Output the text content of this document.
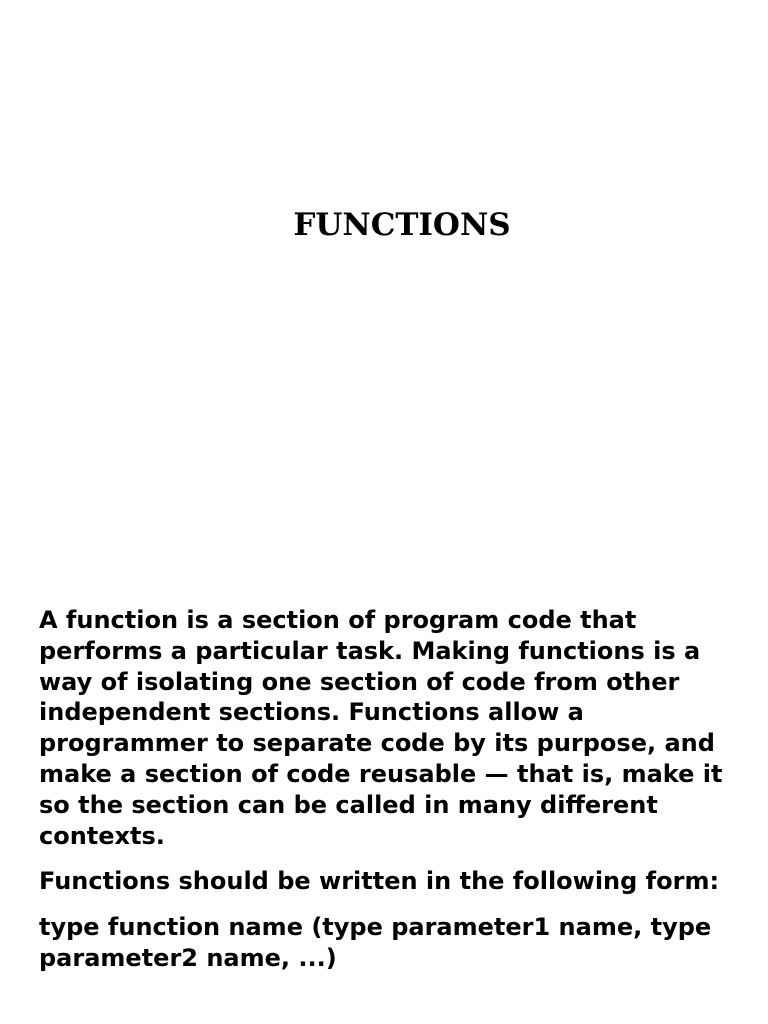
FUNCTIONS

A function is a section of program code that performs a particular task. Making functions is a way of isolating one section of code from other independent sections. Functions allow a programmer to separate code by its purpose, and make a section of code reusable — that is, make it so the section can be called in many different contexts.

Functions should be written in the following form:

type function name (type parameter1 name, type parameter2 name, ...)
